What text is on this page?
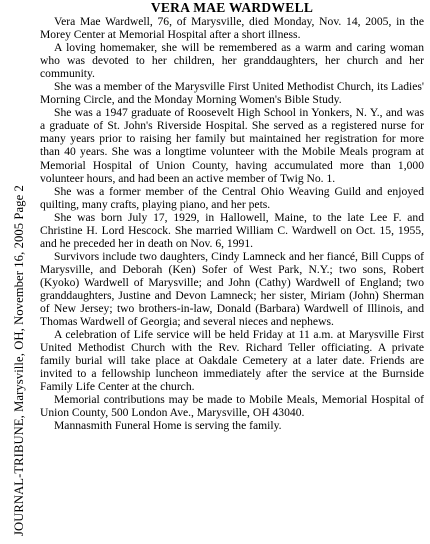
JOURNAL-TRIBUNE, Marysville, OH, November 16, 2005 Page 2
VERA MAE WARDWELL

Vera Mae Wardwell, 76, of Marysville, died Monday, Nov. 14, 2005, in the Morey Center at Memorial Hospital after a short illness.

A loving homemaker, she will be remembered as a warm and caring woman who was devoted to her children, her granddaughters, her church and her community.

She was a member of the Marysville First United Methodist Church, its Ladies' Morning Circle, and the Monday Morning Women's Bible Study.

She was a 1947 graduate of Roosevelt High School in Yonkers, N. Y., and was a graduate of St. John's Riverside Hospital. She served as a registered nurse for many years prior to raising her family but maintained her registration for more than 40 years. She was a longtime volunteer with the Mobile Meals program at Memorial Hospital of Union County, having accumulated more than 1,000 volunteer hours, and had been an active member of Twig No. 1.

She was a former member of the Central Ohio Weaving Guild and enjoyed quilting, many crafts, playing piano, and her pets.

She was born July 17, 1929, in Hallowell, Maine, to the late Lee F. and Christine H. Lord Hescock. She married William C. Wardwell on Oct. 15, 1955, and he preceded her in death on Nov. 6, 1991.

Survivors include two daughters, Cindy Lamneck and her fiancé, Bill Cupps of Marysville, and Deborah (Ken) Sofer of West Park, N.Y.; two sons, Robert (Kyoko) Wardwell of Marysville; and John (Cathy) Wardwell of England; two granddaughters, Justine and Devon Lamneck; her sister, Miriam (John) Sherman of New Jersey; two brothers-in-law, Donald (Barbara) Wardwell of Illinois, and Thomas Wardwell of Georgia; and several nieces and nephews.

A celebration of Life service will be held Friday at 11 a.m. at Marysville First United Methodist Church with the Rev. Richard Teller officiating. A private family burial will take place at Oakdale Cemetery at a later date. Friends are invited to a fellowship luncheon immediately after the service at the Burnside Family Life Center at the church.

Memorial contributions may be made to Mobile Meals, Memorial Hospital of Union County, 500 London Ave., Marysville, OH 43040.

Mannasmith Funeral Home is serving the family.
